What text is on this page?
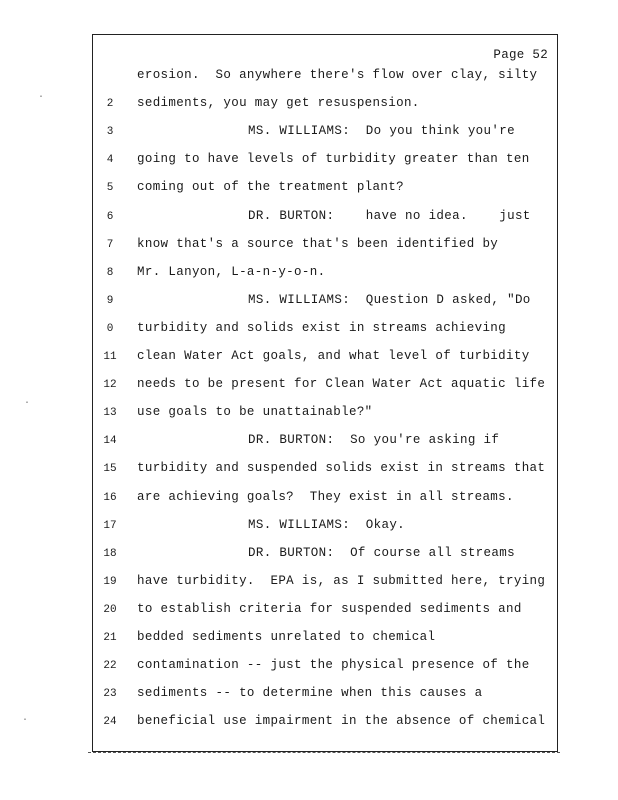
Page 52
erosion.  So anywhere there's flow over clay, silty
2	sediments, you may get resuspension.
3	MS. WILLIAMS:  Do you think you're
4	going to have levels of turbidity greater than ten
5	coming out of the treatment plant?
6	DR. BURTON:    have no idea.    just
7	know that's a source that's been identified by
8	Mr. Lanyon, L-a-n-y-o-n.
9	MS. WILLIAMS:  Question D asked, "Do
0	turbidity and solids exist in streams achieving
11	clean Water Act goals, and what level of turbidity
12	needs to be present for Clean Water Act aquatic life
13	use goals to be unattainable?"
14	DR. BURTON:  So you're asking if
15	turbidity and suspended solids exist in streams that
16	are achieving goals?  They exist in all streams.
17	MS. WILLIAMS:  Okay.
18	DR. BURTON:  Of course all streams
19	have turbidity.  EPA is, as I submitted here, trying
20	to establish criteria for suspended sediments and
21	bedded sediments unrelated to chemical
22	contamination -- just the physical presence of the
23	sediments -- to determine when this causes a
24	beneficial use impairment in the absence of chemical
·
·
·
